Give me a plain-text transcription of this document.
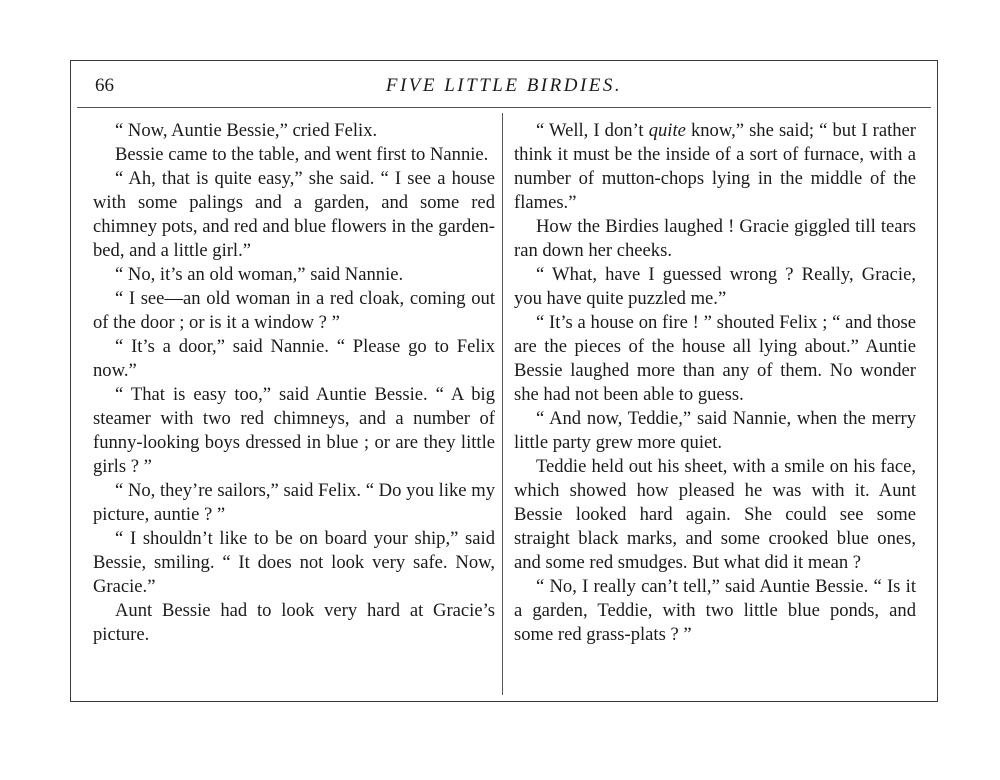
66	FIVE LITTLE BIRDIES.

“ Now, Auntie Bessie,” cried Felix.

Bessie came to the table, and went first to Nannie.

“ Ah, that is quite easy,” she said. “ I see a house with some palings and a garden, and some red chimney pots, and red and blue flowers in the garden-bed, and a little girl.”

“ No, it’s an old woman,” said Nannie.

“ I see—an old woman in a red cloak, coming out of the door ; or is it a window ? ”

“ It’s a door,” said Nannie. “ Please go to Felix now.”

“ That is easy too,” said Auntie Bessie. “ A big steamer with two red chimneys, and a number of funny-looking boys dressed in blue ; or are they little girls ? ”

“ No, they’re sailors,” said Felix. “ Do you like my picture, auntie ? ”

“ I shouldn’t like to be on board your ship,” said Bessie, smiling. “ It does not look very safe. Now, Gracie.”

Aunt Bessie had to look very hard at Gracie’s picture.

“ Well, I don’t quite know,” she said; “ but I rather think it must be the inside of a sort of furnace, with a number of mutton-chops lying in the middle of the flames.”

How the Birdies laughed ! Gracie giggled till tears ran down her cheeks.

“ What, have I guessed wrong ? Really, Gracie, you have quite puzzled me.”

“ It’s a house on fire ! ” shouted Felix ; “ and those are the pieces of the house all lying about.” Auntie Bessie laughed more than any of them. No wonder she had not been able to guess.

“ And now, Teddie,” said Nannie, when the merry little party grew more quiet.

Teddie held out his sheet, with a smile on his face, which showed how pleased he was with it. Aunt Bessie looked hard again. She could see some straight black marks, and some crooked blue ones, and some red smudges. But what did it mean ?

“ No, I really can’t tell,” said Auntie Bessie. “ Is it a garden, Teddie, with two little blue ponds, and some red grass-plats ? ”
